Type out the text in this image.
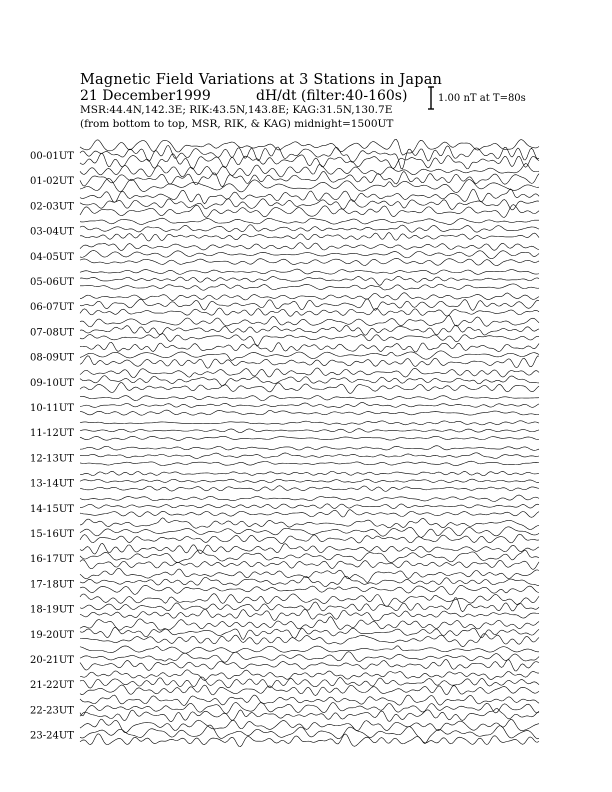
Magnetic Field Variations at 3 Stations in Japan
21 December1999	dH/dt (filter:40-160s)
MSR:44.4N,142.3E; RIK:43.5N,143.8E; KAG:31.5N,130.7E
(from bottom to top, MSR, RIK, & KAG) midnight=1500UT
1.00 nT at T=80s
00-01UT
01-02UT
02-03UT
03-04UT
04-05UT
05-06UT
06-07UT
07-08UT
08-09UT
09-10UT
10-11UT
11-12UT
12-13UT
13-14UT
14-15UT
15-16UT
16-17UT
17-18UT
18-19UT
19-20UT
20-21UT
21-22UT
22-23UT
23-24UT
